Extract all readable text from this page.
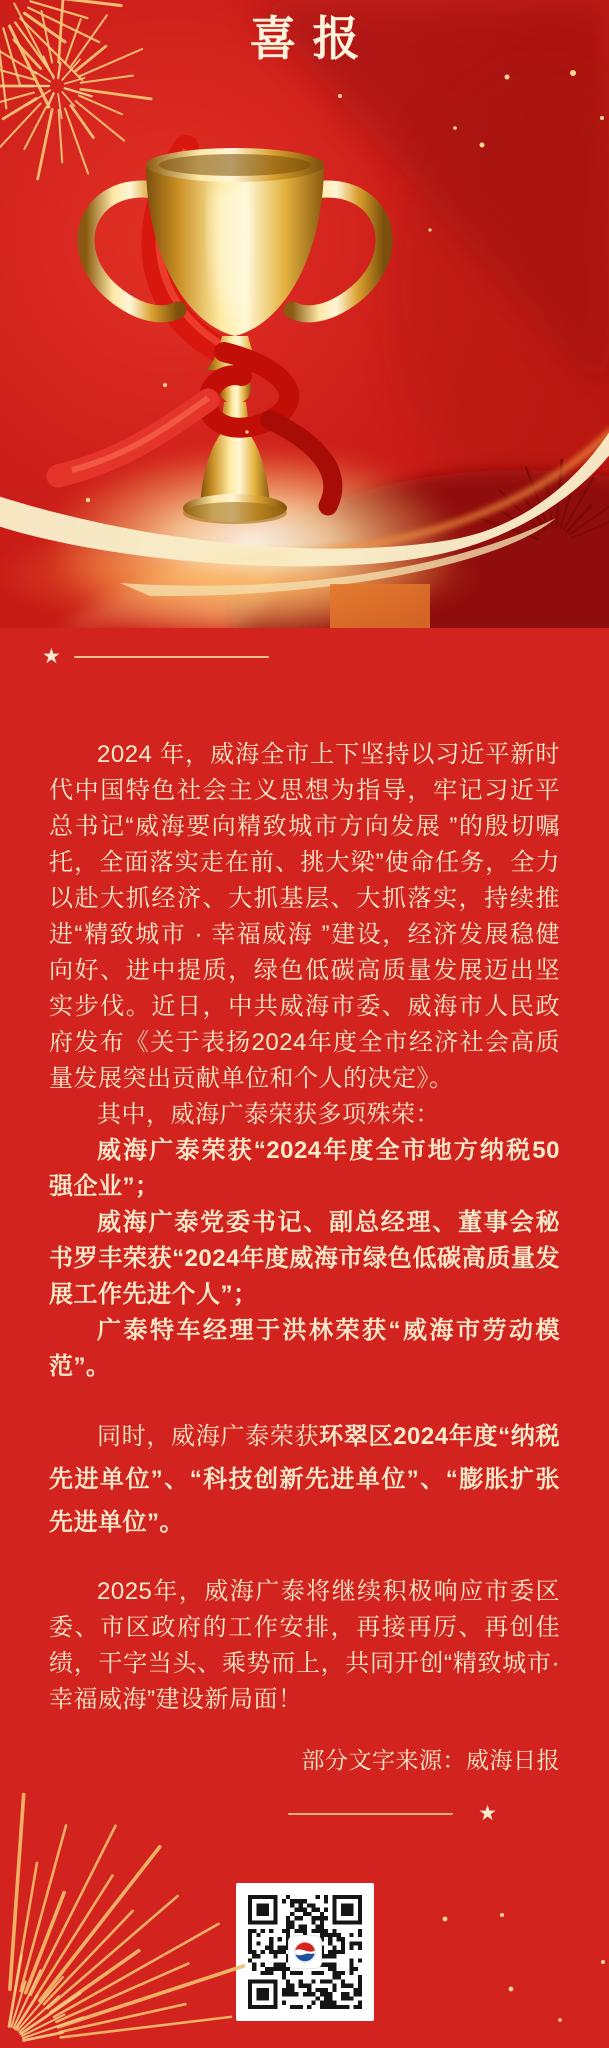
喜报
★

2024 年，威海全市上下坚持以习近平新时代中国特色社会主义思想为指导，牢记习近平总书记“威海要向精致城市方向发展 ”的殷切嘱托，全面落实走在前、挑大梁”使命任务，全力以赴大抓经济、大抓基层、大抓落实，持续推进“精致城市 · 幸福威海 ”建设，经济发展稳健向好、进中提质，绿色低碳高质量发展迈出坚实步伐。近日，中共威海市委、威海市人民政府发布《关于表扬2024年度全市经济社会高质量发展突出贡献单位和个人的决定》。

其中，威海广泰荣获多项殊荣：

威海广泰荣获“2024年度全市地方纳税50强企业”；

威海广泰党委书记、副总经理、董事会秘书罗丰荣获“2024年度威海市绿色低碳高质量发展工作先进个人”；

广泰特车经理于洪林荣获“威海市劳动模范”。

同时，威海广泰荣获环翠区2024年度“纳税先进单位”、“科技创新先进单位”、“膨胀扩张先进单位”。

2025年，威海广泰将继续积极响应市委区委、市区政府的工作安排，再接再厉、再创佳绩，干字当头、乘势而上，共同开创“精致城市·幸福威海”建设新局面！

部分文字来源：威海日报

★
